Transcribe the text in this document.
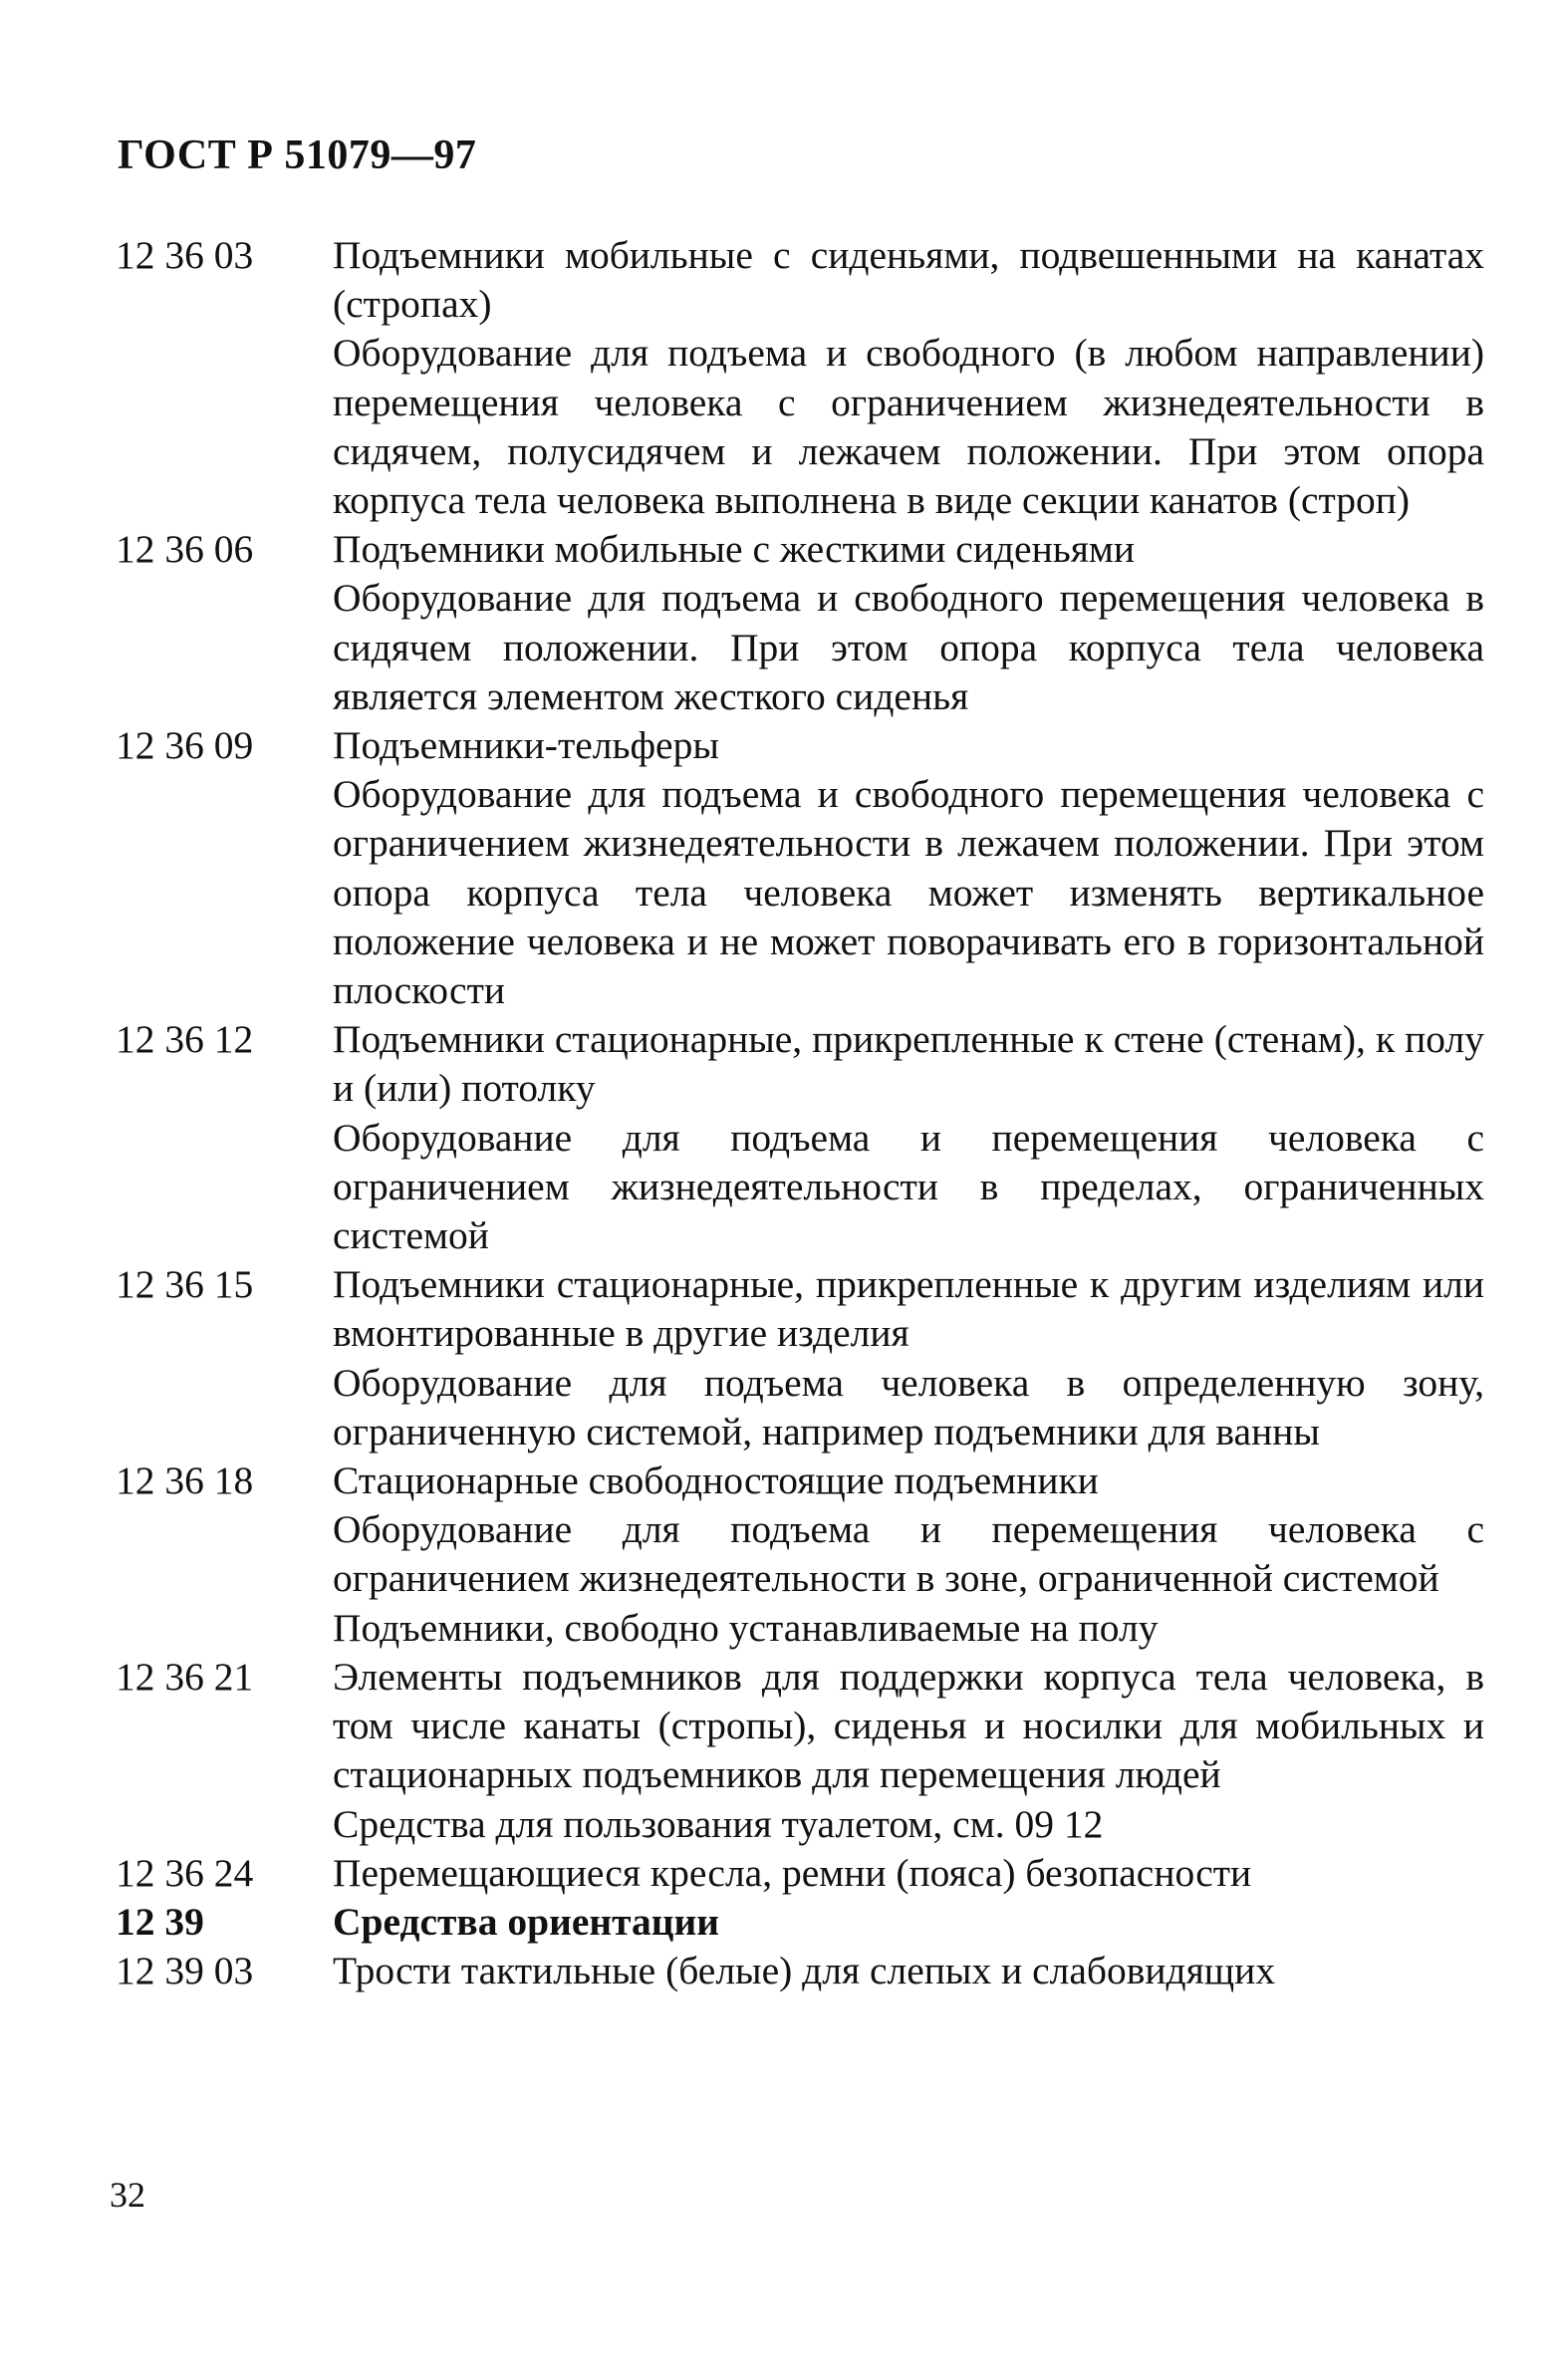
ГОСТ Р 51079—97
12 36 03	Подъемники мобильные с сиденьями, подвешенными на канатах (стропах)

Оборудование для подъема и свободного (в любом направлении) перемещения человека с ограничением жизнедеятельности в сидячем, полусидячем и лежачем положении. При этом опора корпуса тела человека выполнена в виде секции канатов (строп)

12 36 06	Подъемники мобильные с жесткими сиденьями

Оборудование для подъема и свободного перемещения человека в сидячем положении. При этом опора корпуса тела человека является элементом жесткого сиденья

12 36 09	Подъемники-тельферы

Оборудование для подъема и свободного перемещения человека с ограничением жизнедеятельности в лежачем положении. При этом опора корпуса тела человека может изменять вертикальное положение человека и не может поворачивать его в горизонтальной плоскости

12 36 12	Подъемники стационарные, прикрепленные к стене (стенам), к полу и (или) потолку

Оборудование для подъема и перемещения человека с ограничением жизнедеятельности в пределах, ограниченных системой

12 36 15	Подъемники стационарные, прикрепленные к другим изделиям или вмонтированные в другие изделия

Оборудование для подъема человека в определенную зону, ограниченную системой, например подъемники для ванны

12 36 18	Стационарные свободностоящие подъемники

Оборудование для подъема и перемещения человека с ограничением жизнедеятельности в зоне, ограниченной системой

Подъемники, свободно устанавливаемые на полу

12 36 21	Элементы подъемников для поддержки корпуса тела человека, в том числе канаты (стропы), сиденья и носилки для мобильных и стационарных подъемников для перемещения людей

Средства для пользования туалетом, см. 09 12

12 36 24	Перемещающиеся кресла, ремни (пояса) безопасности

12 39	Средства ориентации

12 39 03	Трости тактильные (белые) для слепых и слабовидящих

32
